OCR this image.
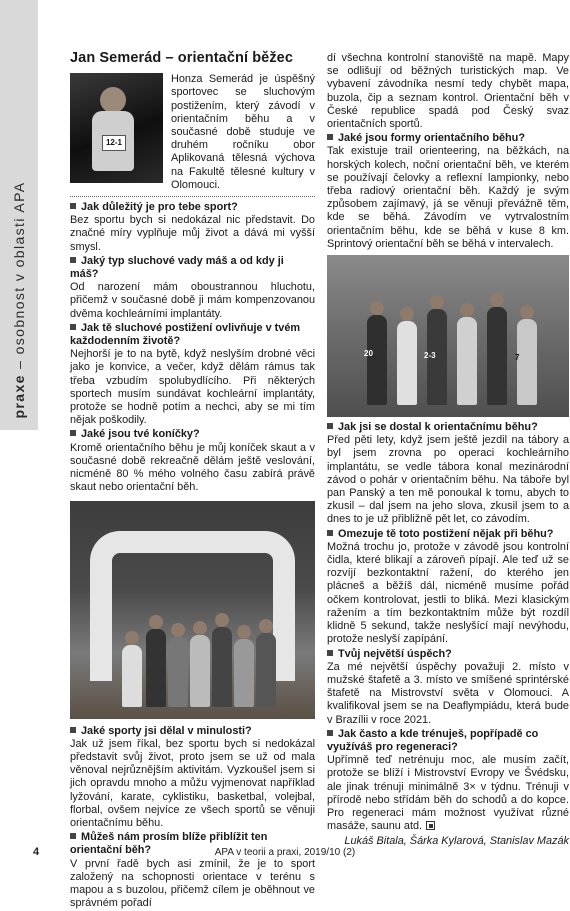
praxe – osobnost v oblasti APA
Jan Semerád – orientační běžec
12-1
Honza Semerád je úspěšný sportovec se sluchovým postižením, který závodí v orientačním běhu a v současné době studuje ve druhém ročníku obor Aplikovaná tělesná výchova na Fakultě tělesné kultury v Olomouci.
Jak důležitý je pro tebe sport?
Bez sportu bych si nedokázal nic představit. Do značné míry vyplňuje můj život a dává mi vyšší smysl.
Jaký typ sluchové vady máš a od kdy ji máš?
Od narození mám oboustrannou hluchotu, přičemž v současné době ji mám kompenzovanou dvěma kochleárními implantáty.
Jak tě sluchové postižení ovlivňuje v tvém každodenním životě?
Nejhorší je to na bytě, když neslyším drobné věci jako je konvice, a večer, když dělám rámus tak třeba vzbudím spolubydlícího. Při některých sportech musím sundávat kochleární implantáty, protože se hodně potím a nechci, aby se mi tím nějak poškodily.
Jaké jsou tvé koníčky?
Kromě orientačního běhu je můj koníček skaut a v současné době rekreačně dělám ještě veslování, nicméně 80 % mého volného času zabírá právě skaut nebo orientační běh.
Jaké sporty jsi dělal v minulosti?
Jak už jsem říkal, bez sportu bych si nedokázal představit svůj život, proto jsem se už od mala věnoval nejrůznějším aktivitám. Vyzkoušel jsem si jich opravdu mnoho a můžu vyjmenovat například lyžování, karate, cyklistiku, basketbal, volejbal, florbal, ovšem nejvíce ze všech sportů se věnuji orientačnímu běhu.
Můžeš nám prosím blíže přiblížit ten orientační běh?
V první řadě bych asi zmínil, že je to sport založený na schopnosti orientace v terénu s mapou a s buzolou, přičemž cílem je oběhnout ve správném pořadí
dí všechna kontrolní stanoviště na mapě. Mapy se odlišují od běžných turistických map. Ve vybavení závodníka nesmí tedy chybět mapa, buzola, čip a seznam kontrol. Orientační běh v České republice spadá pod Český svaz orientačních sportů.
Jaké jsou formy orientačního běhu?
Tak existuje trail orienteering, na běžkách, na horských kolech, noční orientační běh, ve kterém se používají čelovky a reflexní lampionky, nebo třeba radiový orientační běh. Každý je svým způsobem zajímavý, já se věnuji převážně těm, kde se běhá. Závodím ve vytrvalostním orientačním běhu, kde se běhá v kuse 8 km. Sprintový orientační běh se běhá v intervalech.
20	2-3	7
Jak jsi se dostal k orientačnímu běhu?
Před pěti lety, když jsem ještě jezdil na tábory a byl jsem zrovna po operaci kochleárního implantátu, se vedle tábora konal mezinárodní závod o pohár v orientačním běhu. Na táboře byl pan Panský a ten mě ponoukal k tomu, abych to zkusil – dal jsem na jeho slova, zkusil jsem to a dnes to je už přibližně pět let, co závodím.
Omezuje tě toto postižení nějak při běhu?
Možná trochu jo, protože v závodě jsou kontrolní čidla, které blikají a zároveň pípají. Ale teď už se rozvíjí bezkontaktní ražení, do kterého jen plácneš a běžíš dál, nicméně musíme pořád očkem kontrolovat, jestli to bliká. Mezi klasickým ražením a tím bezkontaktním může být rozdíl klidně 5 sekund, takže neslyšící mají nevýhodu, protože neslyší zapípání.
Tvůj největší úspěch?
Za mé největší úspěchy považuji 2. místo v mužské štafetě a 3. místo ve smíšené sprintérské štafetě na Mistrovství světa v Olomouci. A kvalifikoval jsem se na Deaflympiádu, která bude v Brazílii v roce 2021.
Jak často a kde trénuješ, popřípadě co využíváš pro regeneraci?
Upřímně teď netrénuju moc, ale musím začít, protože se blíží i Mistrovství Evropy ve Švédsku, ale jinak trénuji minimálně 3× v týdnu. Trénuji v přírodě nebo střídám běh do schodů a do kopce. Pro regeneraci mám možnost využívat různé masáže, saunu atd.
Lukáš Bitala, Šárka Kylarová, Stanislav Mazák
4	APA v teorii a praxi, 2019/10 (2)
